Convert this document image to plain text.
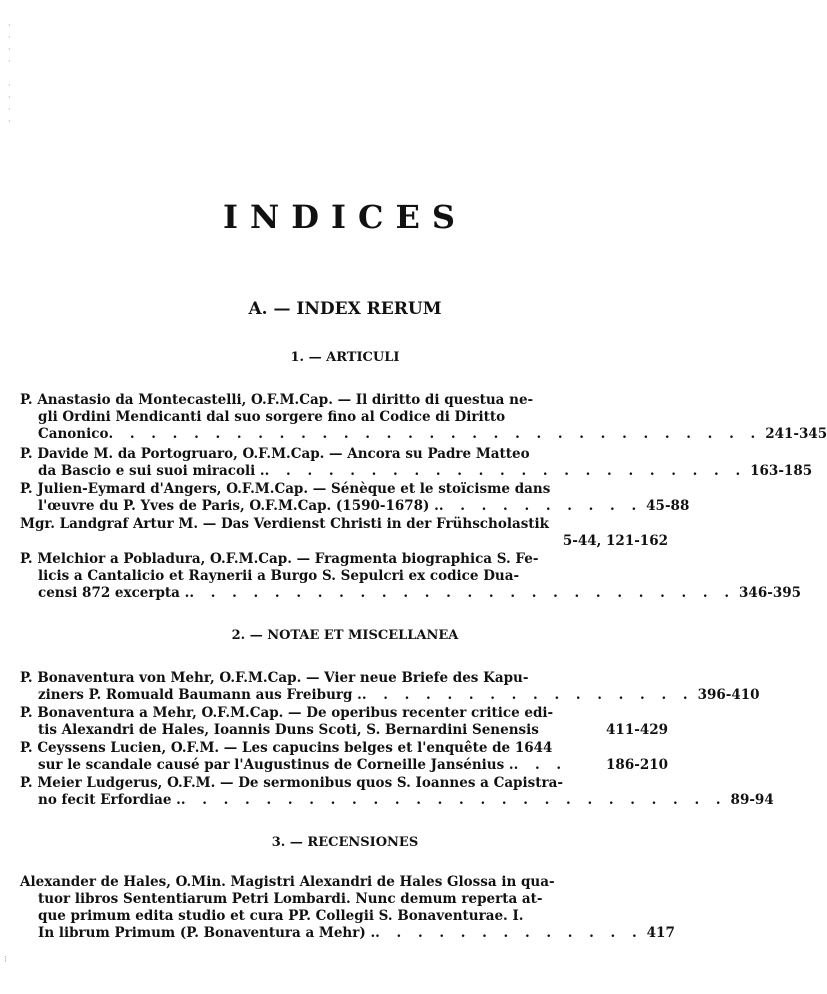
·
·
·
·

·
·
·
·
⁝
INDICES
A. — INDEX RERUM
1. — ARTICULI
P. Anastasio da Montecastelli, O.F.M.Cap. — Il diritto di questua ne-
gli Ordini Mendicanti dal suo sorgere fino al Codice di Diritto
Canonico . . . . . . . . . . . . . . . . . . . . . . . . . . . . . . . 241-345
P. Davide M. da Portogruaro, O.F.M.Cap. — Ancora su Padre Matteo
da Bascio e sui suoi miracoli . . . . . . . . . . . . . . . . . . . . . . . . 163-185
P. Julien-Eymard d'Angers, O.F.M.Cap. — Sénèque et le stoïcisme dans
l'œuvre du P. Yves de Paris, O.F.M.Cap. (1590-1678) . . . . . . . . . . . 45-88
Mgr. Landgraf Artur M. — Das Verdienst Christi in der Frühscholastik
5-44, 121-162
P. Melchior a Pobladura, O.F.M.Cap. — Fragmenta biographica S. Fe-
licis a Cantalicio et Raynerii a Burgo S. Sepulcri ex codice Dua-
censi 872 excerpta . . . . . . . . . . . . . . . . . . . . . . . . . . . 346-395
2. — NOTAE ET MISCELLANEA
P. Bonaventura von Mehr, O.F.M.Cap. — Vier neue Briefe des Kapu-
ziners P. Romuald Baumann aus Freiburg . . . . . . . . . . . . . . . . . 396-410
P. Bonaventura a Mehr, O.F.M.Cap. — De operibus recenter critice edi-
tis Alexandri de Hales, Ioannis Duns Scoti, S. Bernardini Senensis	411-429
P. Ceyssens Lucien, O.F.M. — Les capucins belges et l'enquête de 1644
sur le scandale causé par l'Augustinus de Corneille Jansénius . . . .	186-210
P. Meier Ludgerus, O.F.M. — De sermonibus quos S. Ioannes a Capistra-
no fecit Erfordiae . . . . . . . . . . . . . . . . . . . . . . . . . . . 89-94
3. — RECENSIONES
Alexander de Hales, O.Min. Magistri Alexandri de Hales Glossa in qua-
tuor libros Sententiarum Petri Lombardi. Nunc demum reperta at-
que primum edita studio et cura PP. Collegii S. Bonaventurae. I.
In librum Primum (P. Bonaventura a Mehr) . . . . . . . . . . . . . . 417
